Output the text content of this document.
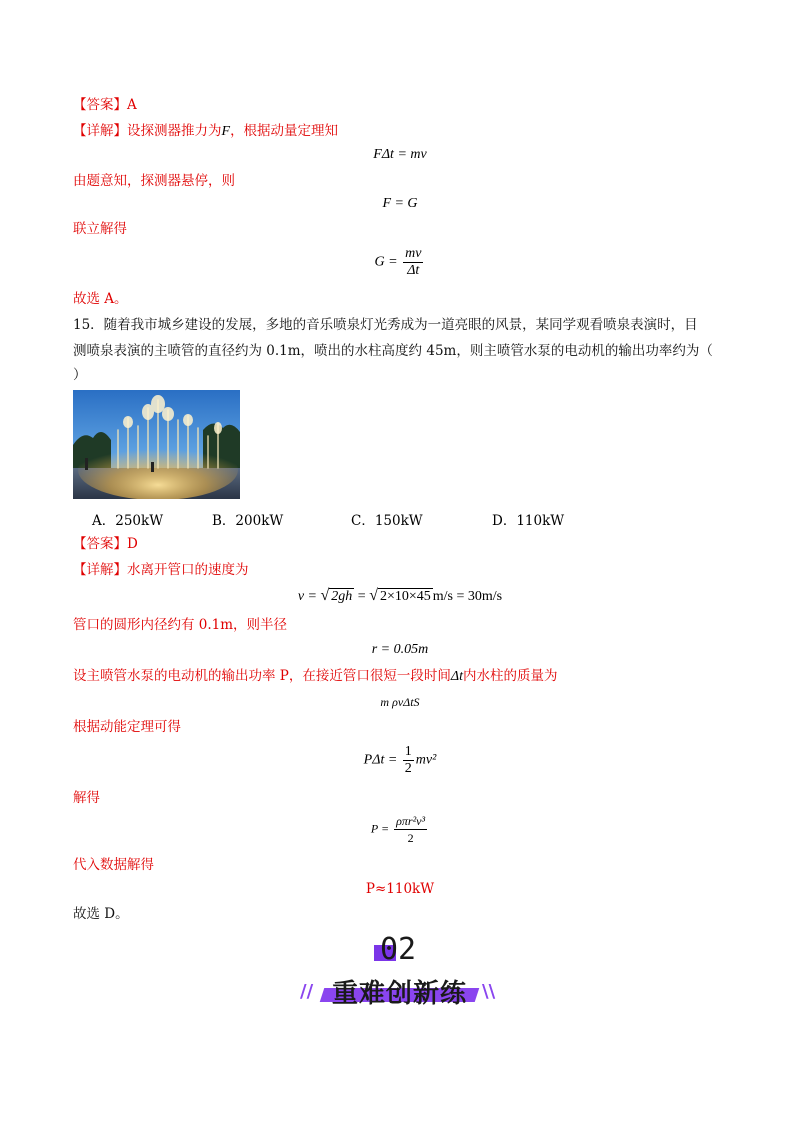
【答案】A
【详解】设探测器推力为F，根据动量定理知
FΔt = mv
由题意知，探测器悬停，则
F = G
联立解得
$G = \frac{mv}{\Delta t}$
故选 A。
15．随着我市城乡建设的发展，多地的音乐喷泉灯光秀成为一道亮眼的风景，某同学观看喷泉表演时，目
测喷泉表演的主喷管的直径约为 0.1m，喷出的水柱高度约 45m，则主喷管水泵的电动机的输出功率约为（
）
A．250kW	B．200kW	C．150kW	D．110kW
【答案】D
【详解】水离开管口的速度为
v = √ 2gh = √ 2×10×45 m/s = 30m/s
管口的圆形内径约有 0.1m，则半径
r = 0.05m
设主喷管水泵的电动机的输出功率 P，在接近管口很短一段时间Δt内水柱的质量为
m ρvΔtS
根据动能定理可得
$P\Delta t = \frac{1}{2} mv^2$
解得
$P = \frac{\text{ρπr²v³}}{2}$
代入数据解得
P≈110kW
故选 D。
02
// 重难创新练 \\
